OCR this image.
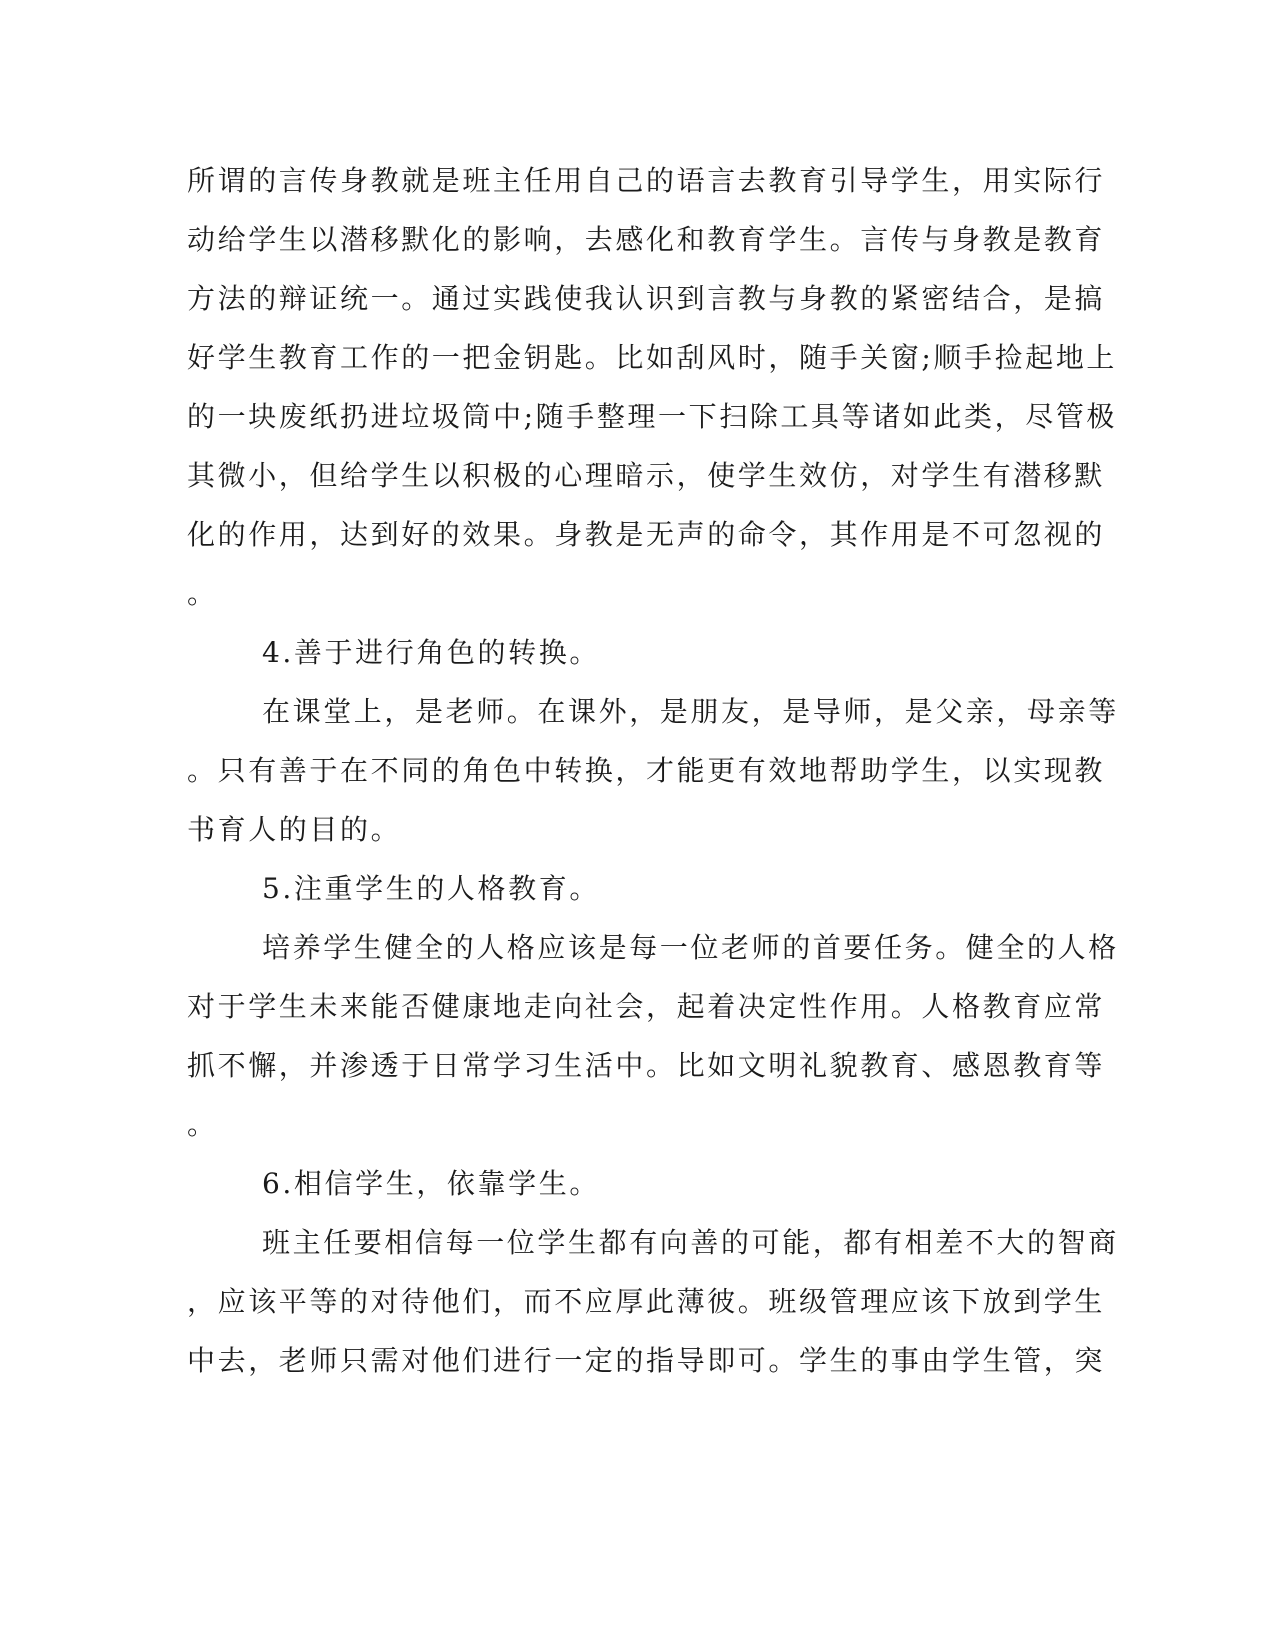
所谓的言传身教就是班主任用自己的语言去教育引导学生，用实际行

动给学生以潜移默化的影响，去感化和教育学生。言传与身教是教育

方法的辩证统一。通过实践使我认识到言教与身教的紧密结合，是搞

好学生教育工作的一把金钥匙。比如刮风时，随手关窗;顺手捡起地上

的一块废纸扔进垃圾筒中;随手整理一下扫除工具等诸如此类，尽管极

其微小，但给学生以积极的心理暗示，使学生效仿，对学生有潜移默

化的作用，达到好的效果。身教是无声的命令，其作用是不可忽视的

。

4.善于进行角色的转换。

在课堂上，是老师。在课外，是朋友，是导师，是父亲，母亲等

。只有善于在不同的角色中转换，才能更有效地帮助学生，以实现教

书育人的目的。

5.注重学生的人格教育。

培养学生健全的人格应该是每一位老师的首要任务。健全的人格

对于学生未来能否健康地走向社会，起着决定性作用。人格教育应常

抓不懈，并渗透于日常学习生活中。比如文明礼貌教育、感恩教育等

。

6.相信学生，依靠学生。

班主任要相信每一位学生都有向善的可能，都有相差不大的智商

，应该平等的对待他们，而不应厚此薄彼。班级管理应该下放到学生

中去，老师只需对他们进行一定的指导即可。学生的事由学生管，突
